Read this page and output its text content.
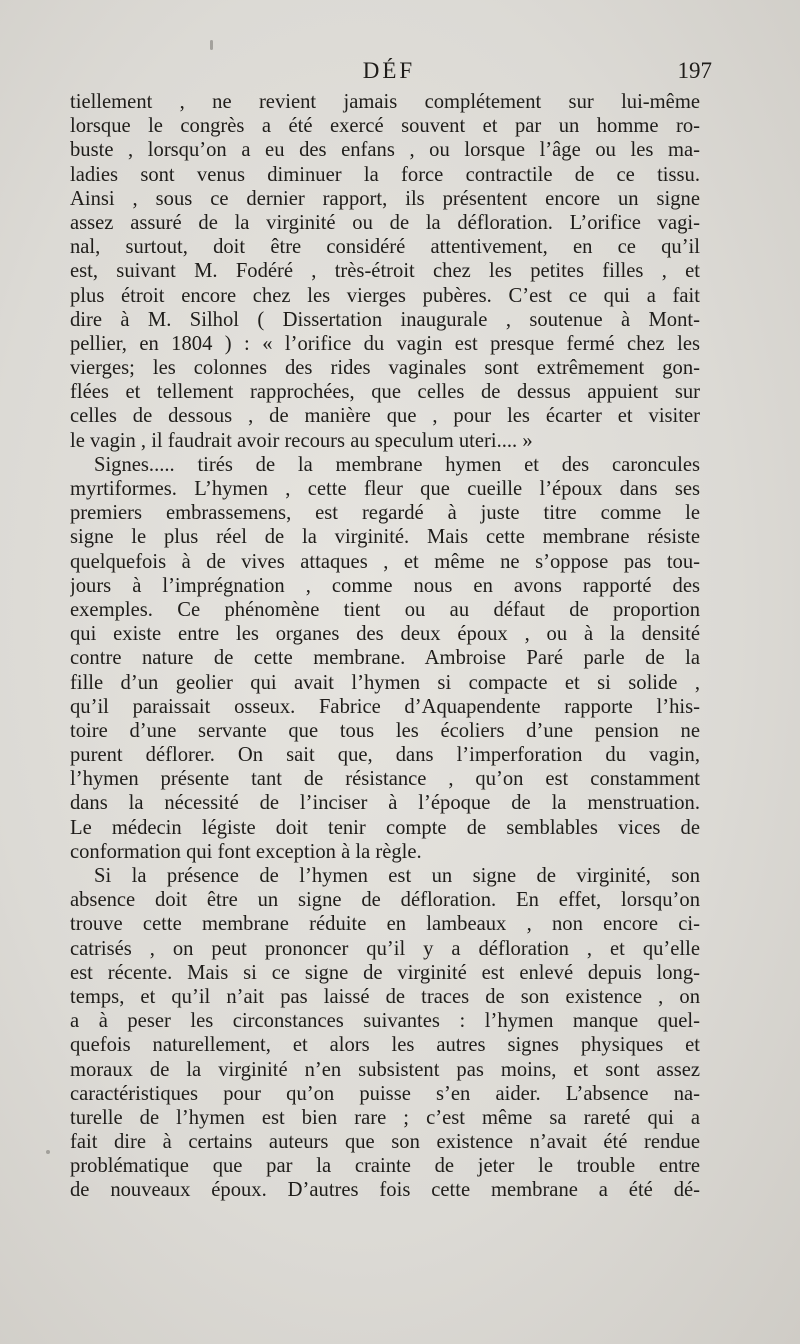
DÉF	197
tiellement , ne revient jamais complétement sur lui-même
lorsque le congrès a été exercé souvent et par un homme ro-
buste , lorsqu’on a eu des enfans , ou lorsque l’âge ou les ma-
ladies sont venus diminuer la force contractile de ce tissu.
Ainsi , sous ce dernier rapport, ils présentent encore un signe
assez assuré de la virginité ou de la défloration. L’orifice vagi-
nal, surtout, doit être considéré attentivement, en ce qu’il
est, suivant M. Fodéré , très-étroit chez les petites filles , et
plus étroit encore chez les vierges pubères. C’est ce qui a fait
dire à M. Silhol ( Dissertation inaugurale , soutenue à Mont-
pellier, en 1804 ) : « l’orifice du vagin est presque fermé chez les
vierges; les colonnes des rides vaginales sont extrêmement gon-
flées et tellement rapprochées, que celles de dessus appuient sur
celles de dessous , de manière que , pour les écarter et visiter
le vagin , il faudrait avoir recours au speculum uteri.... »
Signes..... tirés de la membrane hymen et des caroncules
myrtiformes. L’hymen , cette fleur que cueille l’époux dans ses
premiers embrassemens, est regardé à juste titre comme le
signe le plus réel de la virginité. Mais cette membrane résiste
quelquefois à de vives attaques , et même ne s’oppose pas tou-
jours à l’imprégnation , comme nous en avons rapporté des
exemples. Ce phénomène tient ou au défaut de proportion
qui existe entre les organes des deux époux , ou à la densité
contre nature de cette membrane. Ambroise Paré parle de la
fille d’un geolier qui avait l’hymen si compacte et si solide ,
qu’il paraissait osseux. Fabrice d’Aquapendente rapporte l’his-
toire d’une servante que tous les écoliers d’une pension ne
purent déflorer. On sait que, dans l’imperforation du vagin,
l’hymen présente tant de résistance , qu’on est constamment
dans la nécessité de l’inciser à l’époque de la menstruation.
Le médecin légiste doit tenir compte de semblables vices de
conformation qui font exception à la règle.
Si la présence de l’hymen est un signe de virginité, son
absence doit être un signe de défloration. En effet, lorsqu’on
trouve cette membrane réduite en lambeaux , non encore ci-
catrisés , on peut prononcer qu’il y a défloration , et qu’elle
est récente. Mais si ce signe de virginité est enlevé depuis long-
temps, et qu’il n’ait pas laissé de traces de son existence , on
a à peser les circonstances suivantes : l’hymen manque quel-
quefois naturellement, et alors les autres signes physiques et
moraux de la virginité n’en subsistent pas moins, et sont assez
caractéristiques pour qu’on puisse s’en aider. L’absence na-
turelle de l’hymen est bien rare ; c’est même sa rareté qui a
fait dire à certains auteurs que son existence n’avait été rendue
problématique que par la crainte de jeter le trouble entre
de nouveaux époux. D’autres fois cette membrane a été dé-
